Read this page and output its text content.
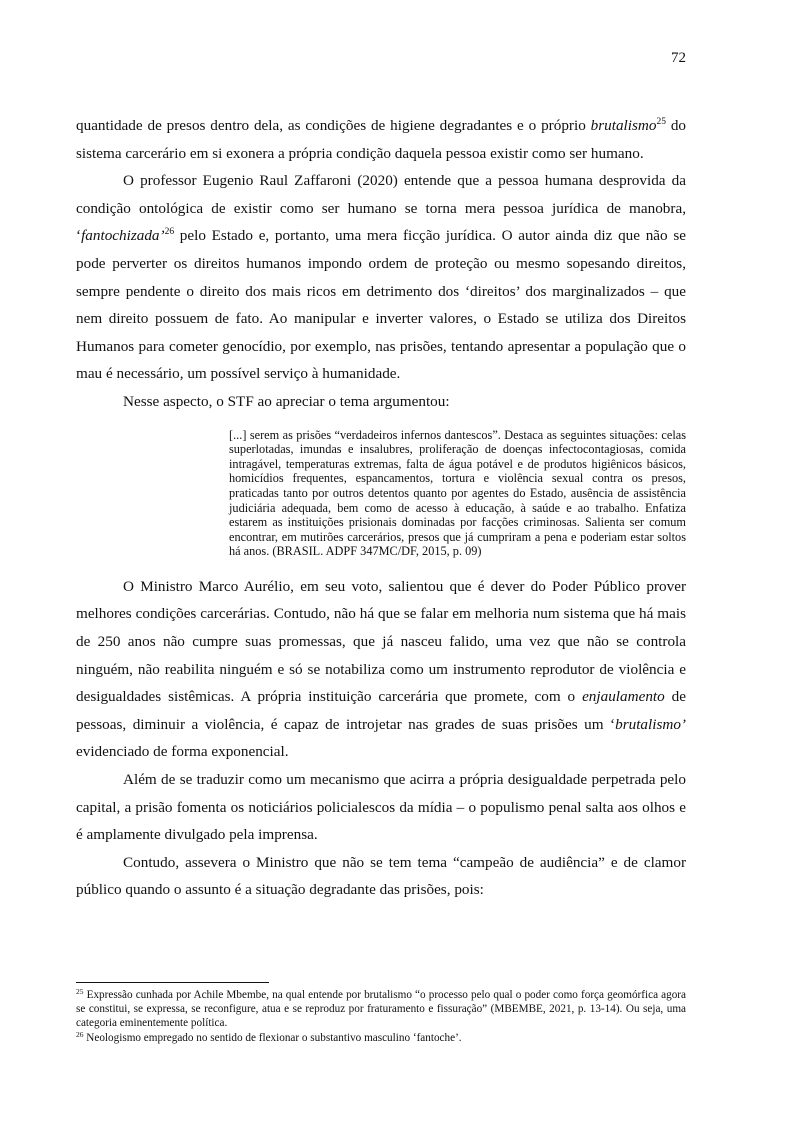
72

quantidade de presos dentro dela, as condições de higiene degradantes e o próprio brutalismo$^{25}$ do sistema carcerário em si exonera a própria condição daquela pessoa existir como ser humano.

O professor Eugenio Raul Zaffaroni (2020) entende que a pessoa humana desprovida da condição ontológica de existir como ser humano se torna mera pessoa jurídica de manobra, ‘fantochizada’$^{26}$ pelo Estado e, portanto, uma mera ficção jurídica. O autor ainda diz que não se pode perverter os direitos humanos impondo ordem de proteção ou mesmo sopesando direitos, sempre pendente o direito dos mais ricos em detrimento dos ‘direitos’ dos marginalizados – que nem direito possuem de fato. Ao manipular e inverter valores, o Estado se utiliza dos Direitos Humanos para cometer genocídio, por exemplo, nas prisões, tentando apresentar a população que o mau é necessário, um possível serviço à humanidade.

Nesse aspecto, o STF ao apreciar o tema argumentou:

[...] serem as prisões “verdadeiros infernos dantescos”. Destaca as seguintes situações: celas superlotadas, imundas e insalubres, proliferação de doenças infectocontagiosas, comida intragável, temperaturas extremas, falta de água potável e de produtos higiênicos básicos, homicídios frequentes, espancamentos, tortura e violência sexual contra os presos, praticadas tanto por outros detentos quanto por agentes do Estado, ausência de assistência judiciária adequada, bem como de acesso à educação, à saúde e ao trabalho. Enfatiza estarem as instituições prisionais dominadas por facções criminosas. Salienta ser comum encontrar, em mutirões carcerários, presos que já cumpriram a pena e poderiam estar soltos há anos. (BRASIL. ADPF 347MC/DF, 2015, p. 09)

O Ministro Marco Aurélio, em seu voto, salientou que é dever do Poder Público prover melhores condições carcerárias. Contudo, não há que se falar em melhoria num sistema que há mais de 250 anos não cumpre suas promessas, que já nasceu falido, uma vez que não se controla ninguém, não reabilita ninguém e só se notabiliza como um instrumento reprodutor de violência e desigualdades sistêmicas. A própria instituição carcerária que promete, com o enjaulamento de pessoas, diminuir a violência, é capaz de introjetar nas grades de suas prisões um ‘brutalismo’ evidenciado de forma exponencial.

Além de se traduzir como um mecanismo que acirra a própria desigualdade perpetrada pelo capital, a prisão fomenta os noticiários policialescos da mídia – o populismo penal salta aos olhos e é amplamente divulgado pela imprensa.

Contudo, assevera o Ministro que não se tem tema “campeão de audiência” e de clamor público quando o assunto é a situação degradante das prisões, pois:

$^{25}$ Expressão cunhada por Achile Mbembe, na qual entende por brutalismo “o processo pelo qual o poder como força geomórfica agora se constitui, se expressa, se reconfigure, atua e se reproduz por fraturamento e fissuração” (MBEMBE, 2021, p. 13-14). Ou seja, uma categoria eminentemente política.

$^{26}$ Neologismo empregado no sentido de flexionar o substantivo masculino ‘fantoche’.
